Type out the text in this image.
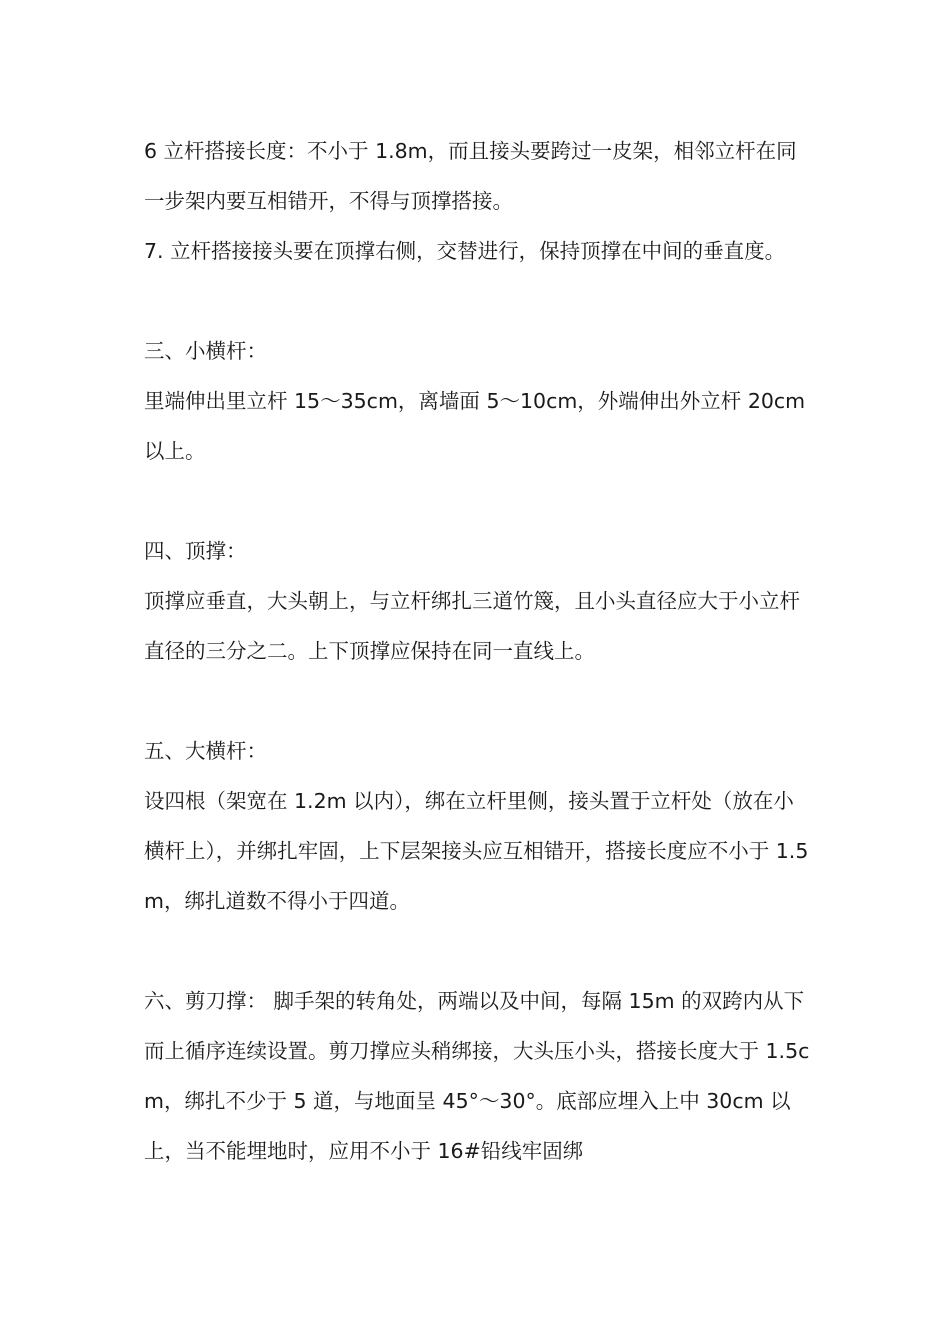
6 立杆搭接长度：不小于 1.8m，而且接头要跨过一皮架，相邻立杆在同一步架内要互相错开，不得与顶撑搭接。

7. 立杆搭接接头要在顶撑右侧，交替进行，保持顶撑在中间的垂直度。

三、小横杆：

里端伸出里立杆 15～35cm，离墙面 5～10cm，外端伸出外立杆 20cm 以上。

四、顶撑：

顶撑应垂直，大头朝上，与立杆绑扎三道竹篾，且小头直径应大于小立杆直径的三分之二。上下顶撑应保持在同一直线上。

五、大横杆：

设四根（架宽在 1.2m 以内），绑在立杆里侧，接头置于立杆处（放在小横杆上），并绑扎牢固，上下层架接头应互相错开，搭接长度应不小于 1.5m，绑扎道数不得小于四道。

六、剪刀撑： 脚手架的转角处，两端以及中间，每隔 15m 的双跨内从下而上循序连续设置。剪刀撑应头稍绑接，大头压小头，搭接长度大于 1.5cm，绑扎不少于 5 道，与地面呈 45°～30°。底部应埋入上中 30cm 以上，当不能埋地时，应用不小于 16#铅线牢固绑
